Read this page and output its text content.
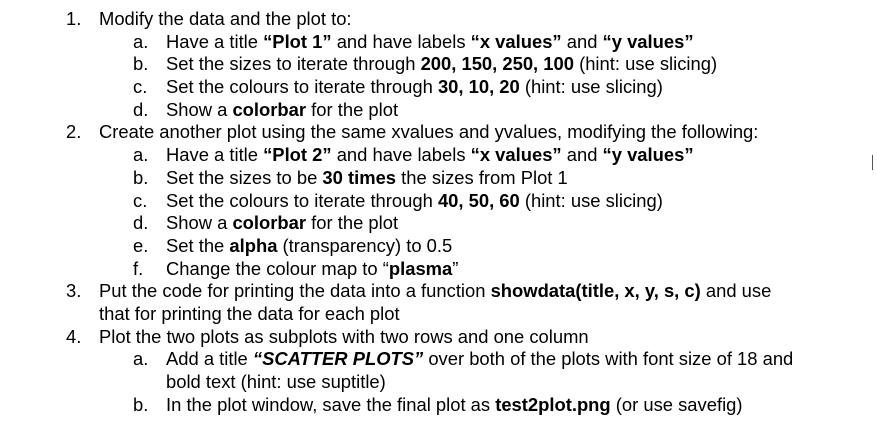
1. Modify the data and the plot to:
a. Have a title “Plot 1” and have labels “x values” and “y values”
b. Set the sizes to iterate through 200, 150, 250, 100 (hint: use slicing)
c. Set the colours to iterate through 30, 10, 20 (hint: use slicing)
d. Show a colorbar for the plot
2. Create another plot using the same xvalues and yvalues, modifying the following:
a. Have a title “Plot 2” and have labels “x values” and “y values”
b. Set the sizes to be 30 times the sizes from Plot 1
c. Set the colours to iterate through 40, 50, 60 (hint: use slicing)
d. Show a colorbar for the plot
e. Set the alpha (transparency) to 0.5
f. Change the colour map to “plasma”
3. Put the code for printing the data into a function showdata(title, x, y, s, c) and use
that for printing the data for each plot
4. Plot the two plots as subplots with two rows and one column
a. Add a title “SCATTER PLOTS” over both of the plots with font size of 18 and
bold text (hint: use suptitle)
b. In the plot window, save the final plot as test2plot.png (or use savefig)
